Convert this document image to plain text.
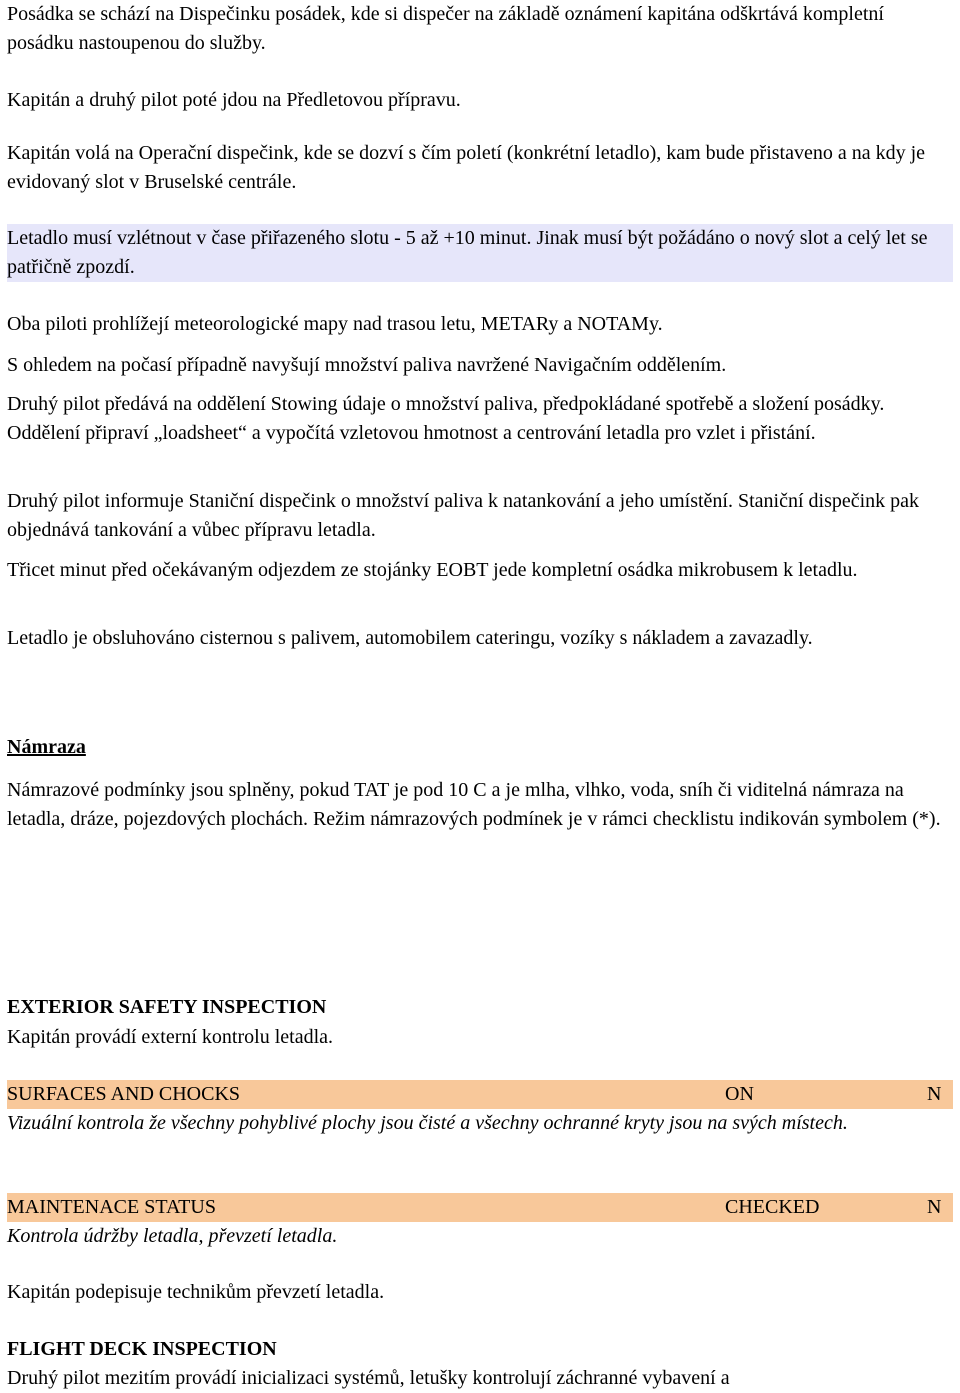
Posádka se schází na Dispečinku posádek, kde si dispečer na základě oznámení kapitána odškrtává kompletní posádku nastoupenou do služby.

Kapitán a druhý pilot poté jdou na Předletovou přípravu.

Kapitán volá na Operační dispečink, kde se dozví s čím poletí (konkrétní letadlo), kam bude přistaveno a na kdy je evidovaný slot v Bruselské centrále.

Letadlo musí vzlétnout v čase přiřazeného slotu - 5 až +10 minut. Jinak musí být požádáno o nový slot a celý let se patřičně zpozdí.

Oba piloti prohlížejí meteorologické mapy nad trasou letu, METARy a NOTAMy.

S ohledem na počasí případně navyšují množství paliva navržené Navigačním oddělením.

Druhý pilot předává na oddělení Stowing údaje o množství paliva, předpokládané spotřebě a složení posádky. Oddělení připraví „loadsheet“ a vypočítá vzletovou hmotnost a centrování letadla pro vzlet i přistání.

Druhý pilot informuje Staniční dispečink o množství paliva k natankování a jeho umístění. Staniční dispečink pak objednává tankování a vůbec přípravu letadla.

Třicet minut před očekávaným odjezdem ze stojánky EOBT jede kompletní osádka mikrobusem k letadlu.

Letadlo je obsluhováno cisternou s palivem, automobilem cateringu, vozíky s nákladem a zavazadly.

Námraza

Námrazové podmínky jsou splněny, pokud TAT je pod 10 C a je mlha, vlhko, voda, sníh či viditelná námraza na letadla, dráze, pojezdových plochách. Režim námrazových podmínek je v rámci checklistu indikován symbolem (*).

EXTERIOR SAFETY INSPECTION

Kapitán provádí externí kontrolu letadla.

SURFACES AND CHOCKS	ON	N

Vizuální kontrola že všechny pohyblivé plochy jsou čisté a všechny ochranné kryty jsou na svých místech.

MAINTENACE STATUS	CHECKED	N

Kontrola údržby letadla, převzetí letadla.

Kapitán podepisuje technikům převzetí letadla.

FLIGHT DECK INSPECTION

Druhý pilot mezitím provádí inicializaci systémů, letušky kontrolují záchranné vybavení a
